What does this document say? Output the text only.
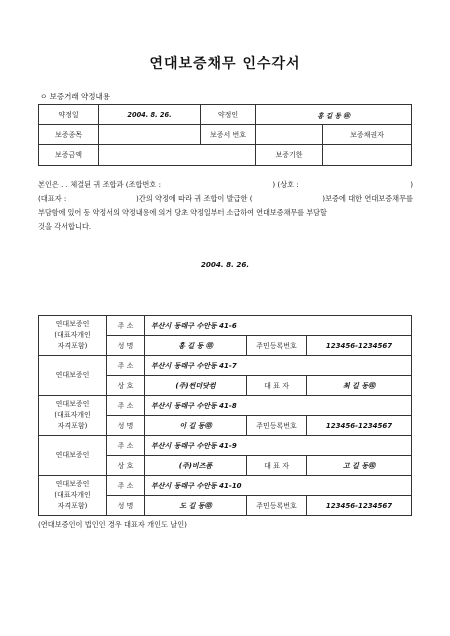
연대보증채무 인수각서
ㅇ 보증거래 약정내용
약정일	2004. 8. 26.	약정인	홍 길 동 ㊞	
보증종목		보증서 번호		보증채권자
보증금액			보증기한	
본인은 . . 체결된 귀 조합과 (조합번호 :	) (상호 :	)
(대표자 :	)간의 약정에 따라 귀 조합이 발급한 (	)보증에 대한 연대보증채무를
부담함에 있어 동 약정서의 약정내용에 의거 당초 약정일부터 소급하여 연대보증채무를 부담할
것을 각서합니다.
2004. 8. 26.
연대보증인
(대표자개인
자격포함)	주 소	부산시 동래구 수안동 41-6		
	성 명	홍 길 동 ㊞	주민등록번호	123456-1234567
연대보증인	주 소	부산시 동래구 수안동 41-7		
	상 호	(주)썬더닷컴	대 표 자	최 길 동㊞
연대보증인
(대표자개인
자격포함)	주 소	부산시 동래구 수안동 41-8		
	성 명	이 길 동㊞	주민등록번호	123456-1234567
연대보증인	주 소	부산시 동래구 수안동 41-9		
	상 호	(주)비즈폼	대 표 자	고 길 동㊞
연대보증인
(대표자개인
자격포함)	주 소	부산시 동래구 수안동 41-10		
	성 명	도 길 동㊞	주민등록번호	123456-1234567
(연대보증인이 법인인 경우 대표자 개인도 날인)
